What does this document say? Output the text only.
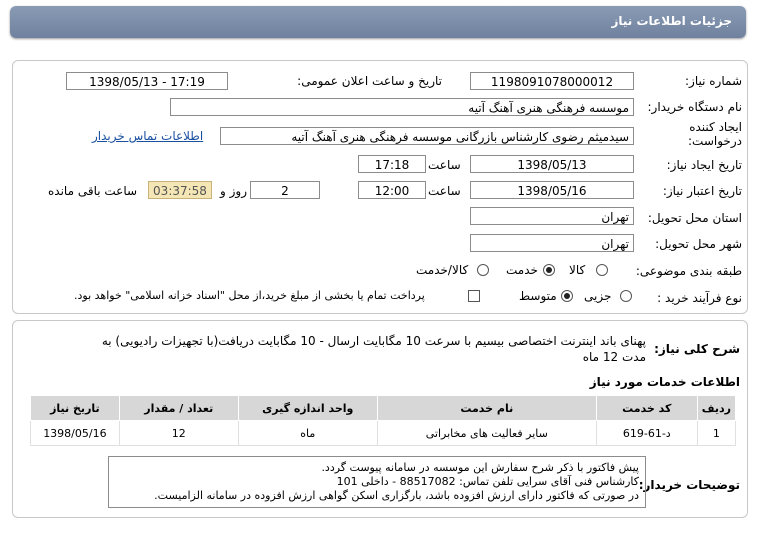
جزئیات اطلاعات نیاز
شماره نیاز:
1198091078000012
تاریخ و ساعت اعلان عمومی:
1398/05/13 - 17:19
نام دستگاه خریدار:
موسسه فرهنگی هنری آهنگ آتیه
ایجاد کننده درخواست:
سیدمیثم رضوی کارشناس بازرگانی موسسه فرهنگی هنری آهنگ آتیه
اطلاعات تماس خریدار
تاریخ ایجاد نیاز:
1398/05/13
ساعت
17:18
تاریخ اعتبار نیاز:
1398/05/16
ساعت
12:00
2
روز و
03:37:58
ساعت باقی مانده
استان محل تحویل:
تهران
شهر محل تحویل:
تهران
طبقه بندی موضوعی:
کالا
خدمت
کالا/خدمت
نوع فرآیند خرید :
جزیی
متوسط
پرداخت تمام یا بخشی از مبلغ خرید،از محل "اسناد خزانه اسلامی" خواهد بود.
شرح کلی نیاز:
پهنای باند اینترنت اختصاصی بیسیم با سرعت 10 مگابایت ارسال - 10 مگابایت دریافت(با تجهیزات رادیویی) به
مدت 12 ماه
اطلاعات خدمات مورد نیاز
ردیف	کد خدمت	نام خدمت	واحد اندازه گیری	تعداد / مقدار	تاریخ نیاز
1	د-61-619	سایر فعالیت های مخابراتی	ماه	12	1398/05/16
توضیحات خریدار:
پیش فاکتور با ذکر شرح سفارش این موسسه در سامانه پیوست گردد.
کارشناس فنی آقای سرایی تلفن تماس: 88517082 - داخلی 101
در صورتی که فاکتور دارای ارزش افزوده باشد، بارگزاری اسکن گواهی ارزش افزوده در سامانه الزامیست.
